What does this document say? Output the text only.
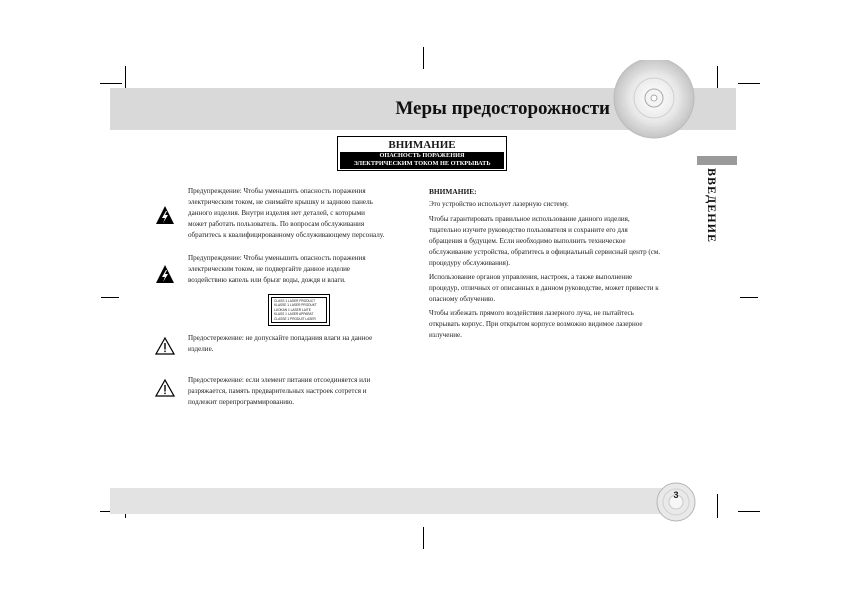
Меры предосторожности
ВВЕДЕНИЕ
ВНИМАНИЕ
ОПАСНОСТЬ ПОРАЖЕНИЯ
ЭЛЕКТРИЧЕСКИМ ТОКОМ НЕ ОТКРЫВАТЬ
Предупреждение: Чтобы уменьшить опасность поражения
электрическим током, не снимайте крышку и заднюю панель
данного изделия. Внутри изделия нет деталей, с которыми
может работать пользователь. По вопросам обслуживания
обратитесь к квалифицированному обслуживающему персоналу.
Предупреждение: Чтобы уменьшить опасность поражения
электрическим током, не подвергайте данное изделие
воздействию капель или брызг воды, дождя и влаги.
CLASS 1 LASER PRODUCT
KLASSE 1 LASER PRODUKT
LUOKAN 1 LASER LAITE
KLASS 1 LASER APPARAT
CLASSE 1 PRODUIT LASER
Предостережение: не допускайте попадания влаги на данное
изделие.
Предостережение: если элемент питания отсоединяется или
разряжается, память предварительных настроек сотрется и
подлежит перепрограммированию.
ВНИМАНИЕ:
Это устройство использует лазерную систему.
Чтобы гарантировать правильное использование данного изделия,
тщательно изучите руководство пользователя и сохраните его для
обращения в будущем. Если необходимо выполнить техническое
обслуживание устройства, обратитесь в официальный сервисный центр (см.
процедуру обслуживания).
Использование органов управления, настроек, а также выполнение
процедур, отличных от описанных в данном руководстве, может привести к
опасному облучению.
Чтобы избежать прямого воздействия лазерного луча, не пытайтесь
открывать корпус. При открытом корпусе возможно видимое лазерное
излучение.
3
